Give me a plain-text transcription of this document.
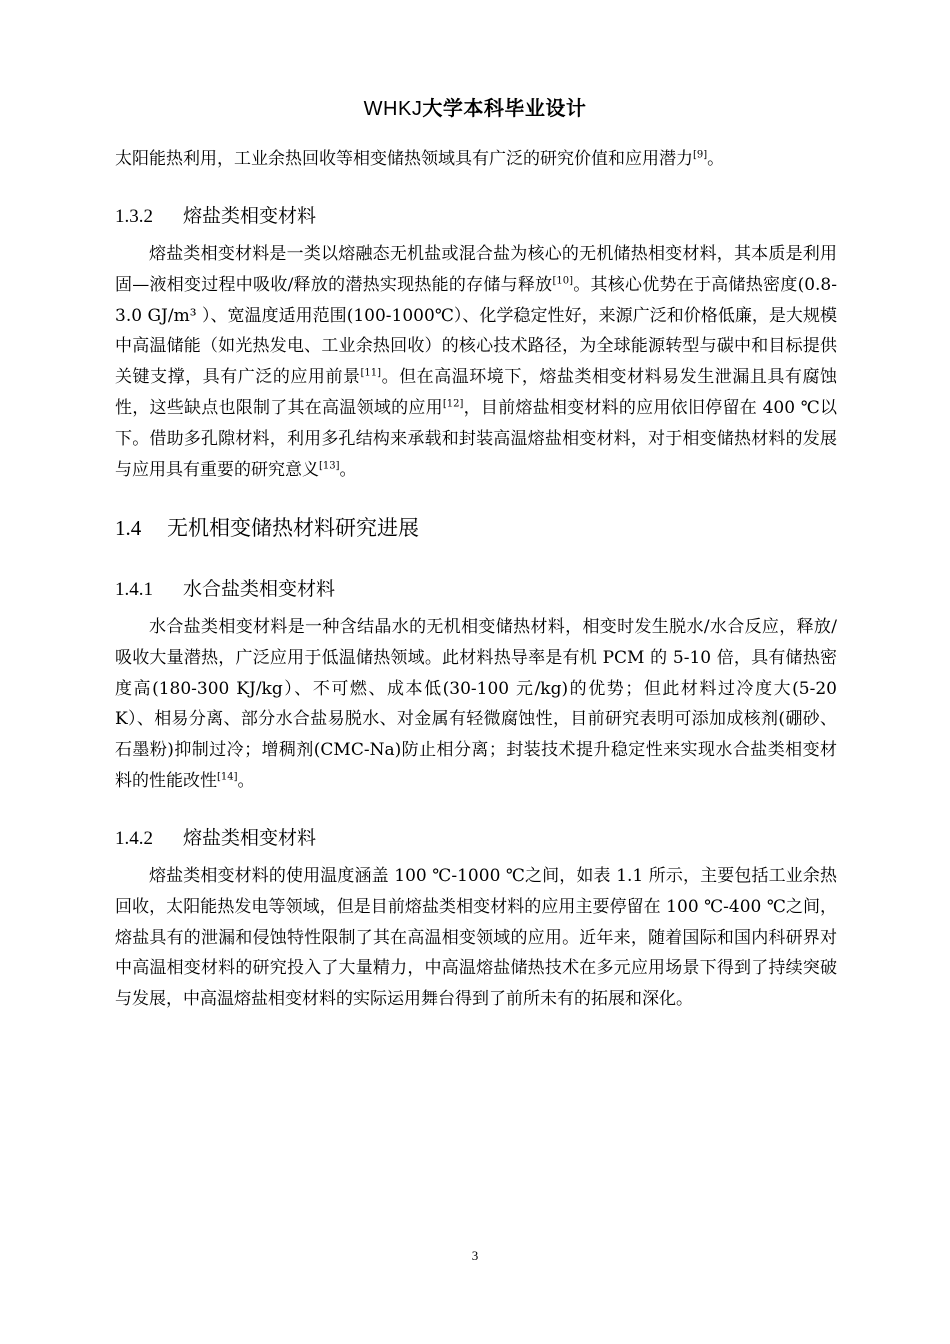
WHKJ大学本科毕业设计
太阳能热利用，工业余热回收等相变储热领域具有广泛的研究价值和应用潜力[9]。
1.3.2 熔盐类相变材料
熔盐类相变材料是一类以熔融态无机盐或混合盐为核心的无机储热相变材料，其本质是利用固—液相变过程中吸收/释放的潜热实现热能的存储与释放[10]。其核心优势在于高储热密度(0.8-3.0 GJ/m³ ）、宽温度适用范围(100-1000℃）、化学稳定性好，来源广泛和价格低廉，是大规模中高温储能（如光热发电、工业余热回收）的核心技术路径，为全球能源转型与碳中和目标提供关键支撑，具有广泛的应用前景[11]。但在高温环境下，熔盐类相变材料易发生泄漏且具有腐蚀性，这些缺点也限制了其在高温领域的应用[12]，目前熔盐相变材料的应用依旧停留在 400 ℃以下。借助多孔隙材料，利用多孔结构来承载和封装高温熔盐相变材料，对于相变储热材料的发展与应用具有重要的研究意义[13]。
1.4 无机相变储热材料研究进展
1.4.1 水合盐类相变材料
水合盐类相变材料是一种含结晶水的无机相变储热材料，相变时发生脱水/水合反应，释放/吸收大量潜热，广泛应用于低温储热领域。此材料热导率是有机 PCM 的 5-10 倍，具有储热密度高(180-300 KJ/kg）、不可燃、成本低(30-100 元/kg)的优势；但此材料过冷度大(5-20 K）、相易分离、部分水合盐易脱水、对金属有轻微腐蚀性，目前研究表明可添加成核剂(硼砂、石墨粉)抑制过冷；增稠剂(CMC-Na)防止相分离；封装技术提升稳定性来实现水合盐类相变材料的性能改性[14]。
1.4.2 熔盐类相变材料
熔盐类相变材料的使用温度涵盖 100 ℃-1000 ℃之间，如表 1.1 所示，主要包括工业余热回收，太阳能热发电等领域，但是目前熔盐类相变材料的应用主要停留在 100 ℃-400 ℃之间，熔盐具有的泄漏和侵蚀特性限制了其在高温相变领域的应用。近年来，随着国际和国内科研界对中高温相变材料的研究投入了大量精力，中高温熔盐储热技术在多元应用场景下得到了持续突破与发展，中高温熔盐相变材料的实际运用舞台得到了前所未有的拓展和深化。
3
